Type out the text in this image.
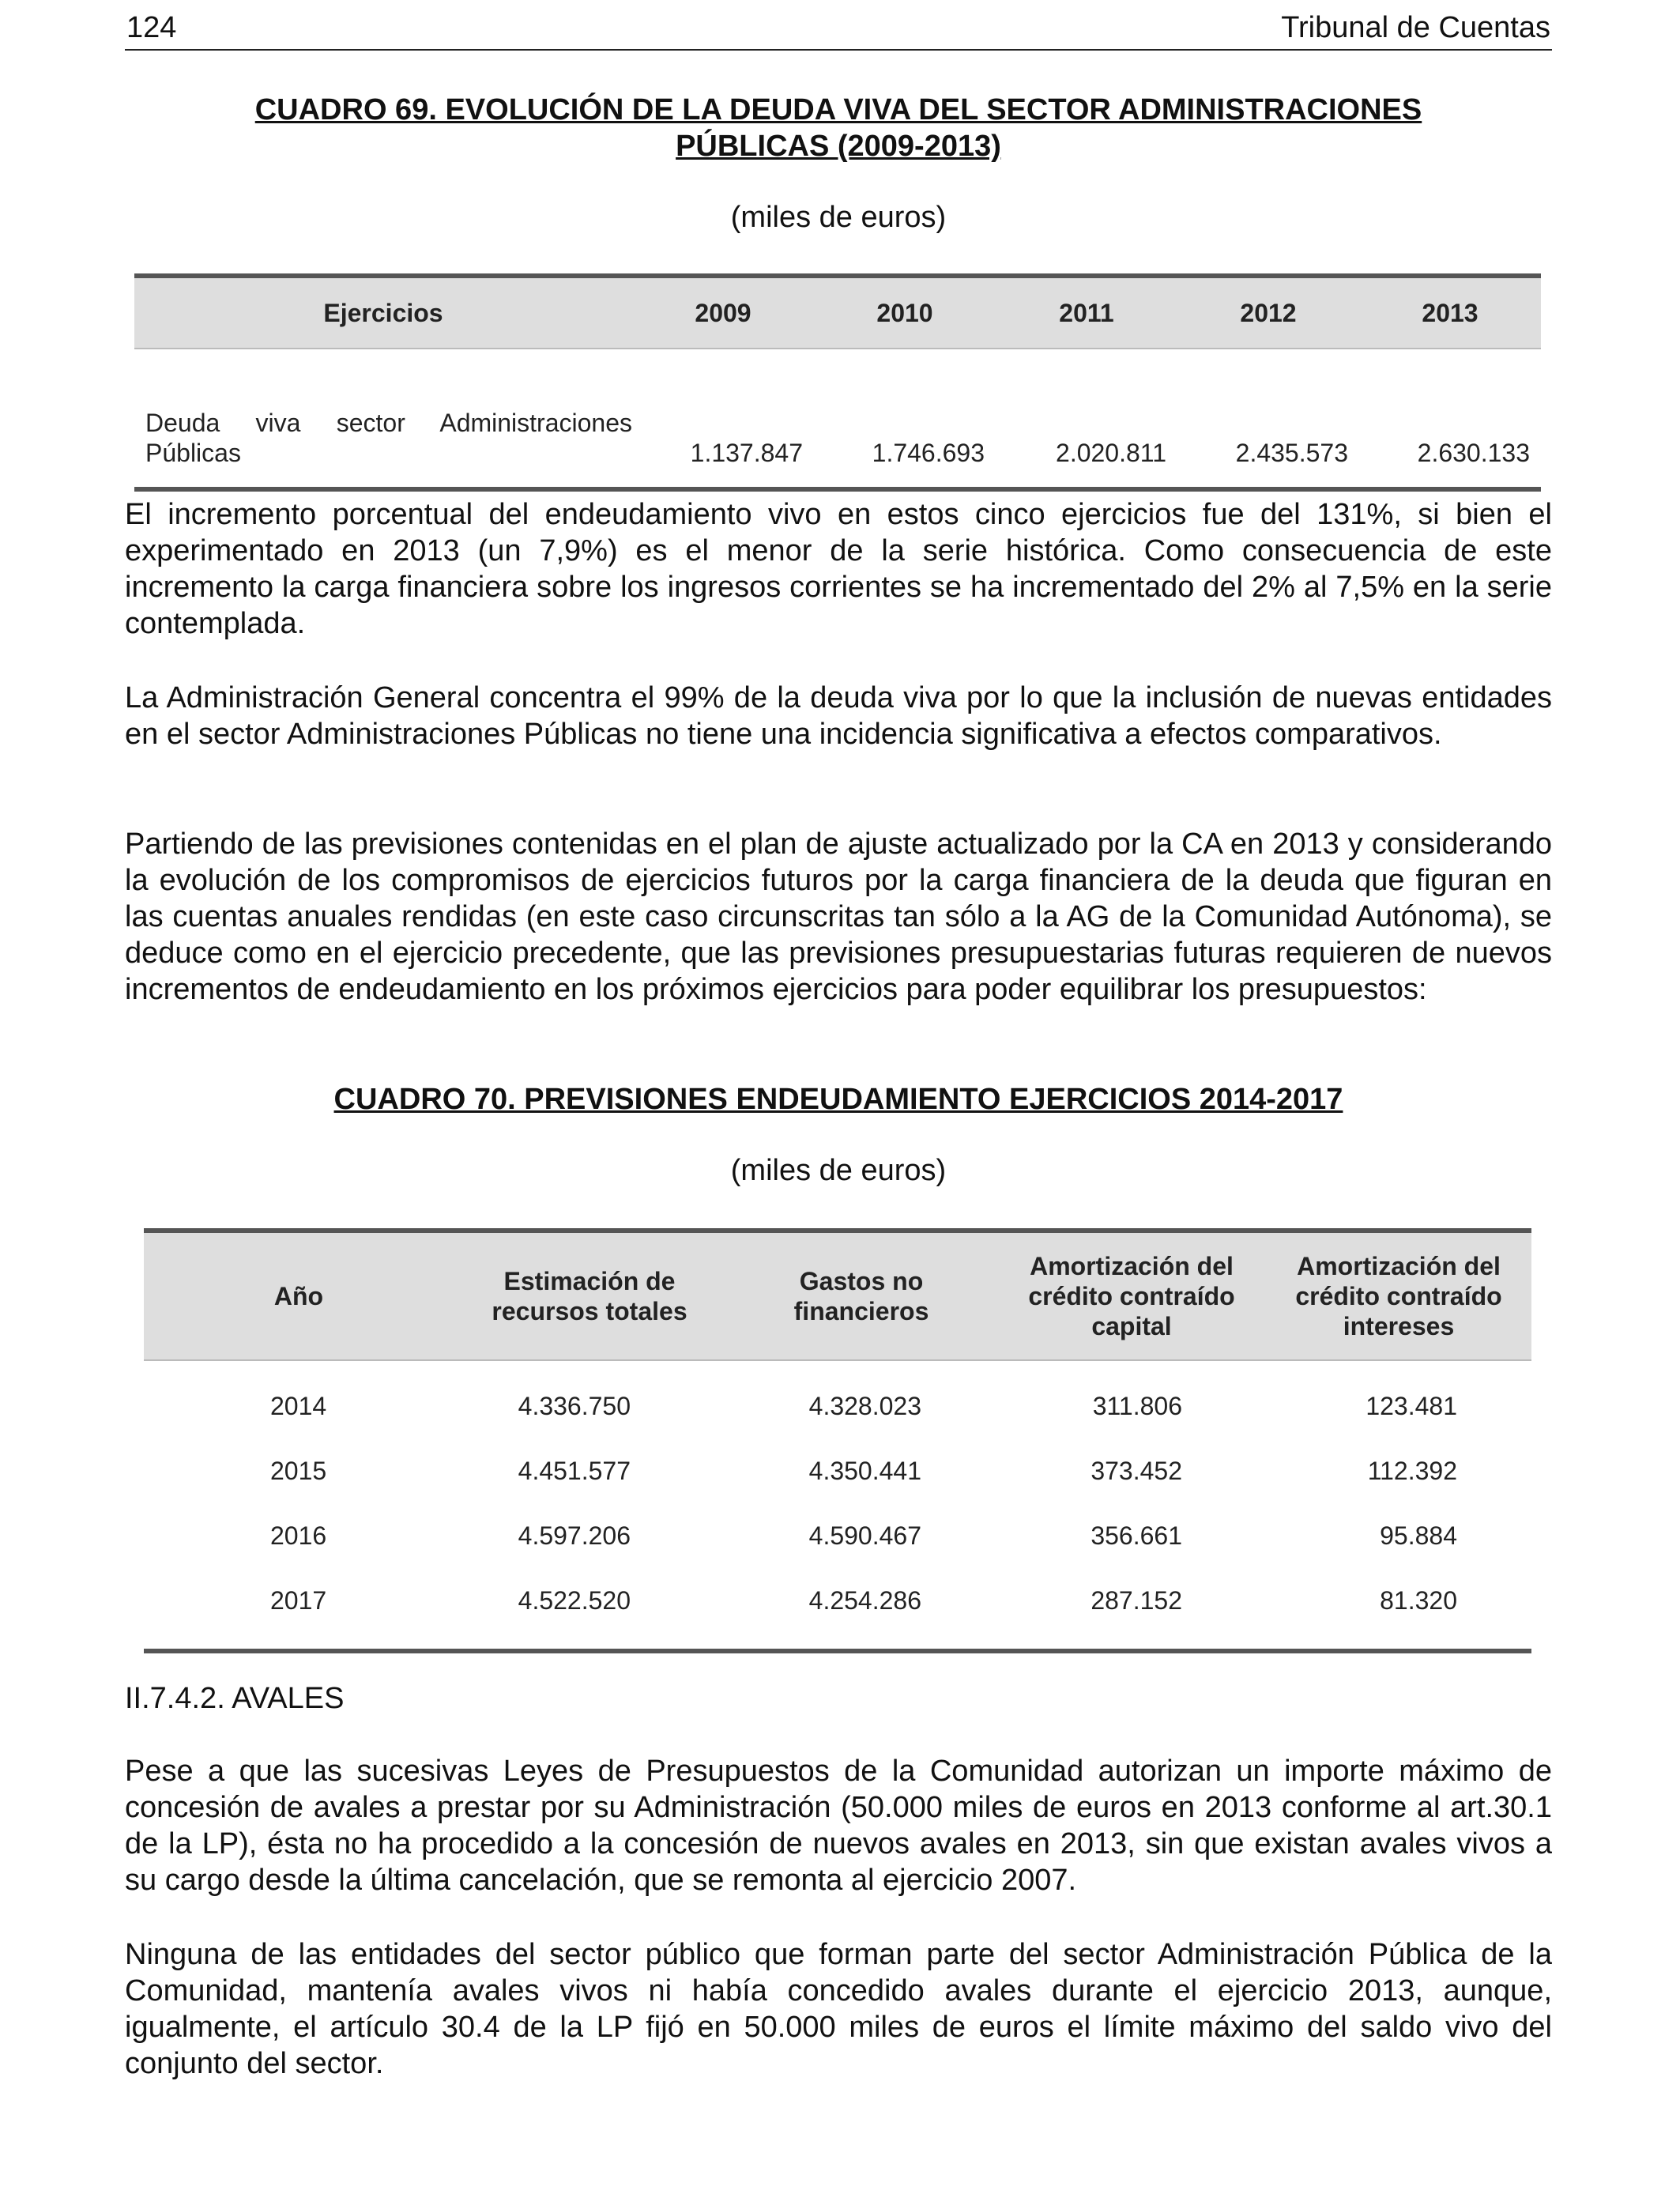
124	Tribunal de Cuentas
CUADRO 69. EVOLUCIÓN DE LA DEUDA VIVA DEL SECTOR ADMINISTRACIONES
PÚBLICAS (2009-2013)
(miles de euros)
Ejercicios	2009	2010	2011	2012	2013
Deuda viva sector Administraciones Públicas	1.137.847	1.746.693	2.020.811	2.435.573	2.630.133

El incremento porcentual del endeudamiento vivo en estos cinco ejercicios fue del 131%, si bien el experimentado en 2013 (un 7,9%) es el menor de la serie histórica. Como consecuencia de este incremento la carga financiera sobre los ingresos corrientes se ha incrementado del 2% al 7,5% en la serie contemplada.

La Administración General concentra el 99% de la deuda viva por lo que la inclusión de nuevas entidades en el sector Administraciones Públicas no tiene una incidencia significativa a efectos comparativos.

Partiendo de las previsiones contenidas en el plan de ajuste actualizado por la CA en 2013 y considerando la evolución de los compromisos de ejercicios futuros por la carga financiera de la deuda que figuran en las cuentas anuales rendidas (en este caso circunscritas tan sólo a la AG de la Comunidad Autónoma), se deduce como en el ejercicio precedente, que las previsiones presupuestarias futuras requieren de nuevos incrementos de endeudamiento en los próximos ejercicios para poder equilibrar los presupuestos:

CUADRO 70. PREVISIONES ENDEUDAMIENTO EJERCICIOS 2014-2017
(miles de euros)
Año	Estimación de recursos totales	Gastos no financieros	Amortización del crédito contraído capital	Amortización del crédito contraído intereses
2014	4.336.750	4.328.023	311.806	123.481
2015	4.451.577	4.350.441	373.452	112.392
2016	4.597.206	4.590.467	356.661	95.884
2017	4.522.520	4.254.286	287.152	81.320
II.7.4.2. AVALES

Pese a que las sucesivas Leyes de Presupuestos de la Comunidad autorizan un importe máximo de concesión de avales a prestar por su Administración (50.000 miles de euros en 2013 conforme al art.30.1 de la LP), ésta no ha procedido a la concesión de nuevos avales en 2013, sin que existan avales vivos a su cargo desde la última cancelación, que se remonta al ejercicio 2007.

Ninguna de las entidades del sector público que forman parte del sector Administración Pública de la Comunidad, mantenía avales vivos ni había concedido avales durante el ejercicio 2013, aunque, igualmente, el artículo 30.4 de la LP fijó en 50.000 miles de euros el límite máximo del saldo vivo del conjunto del sector.
